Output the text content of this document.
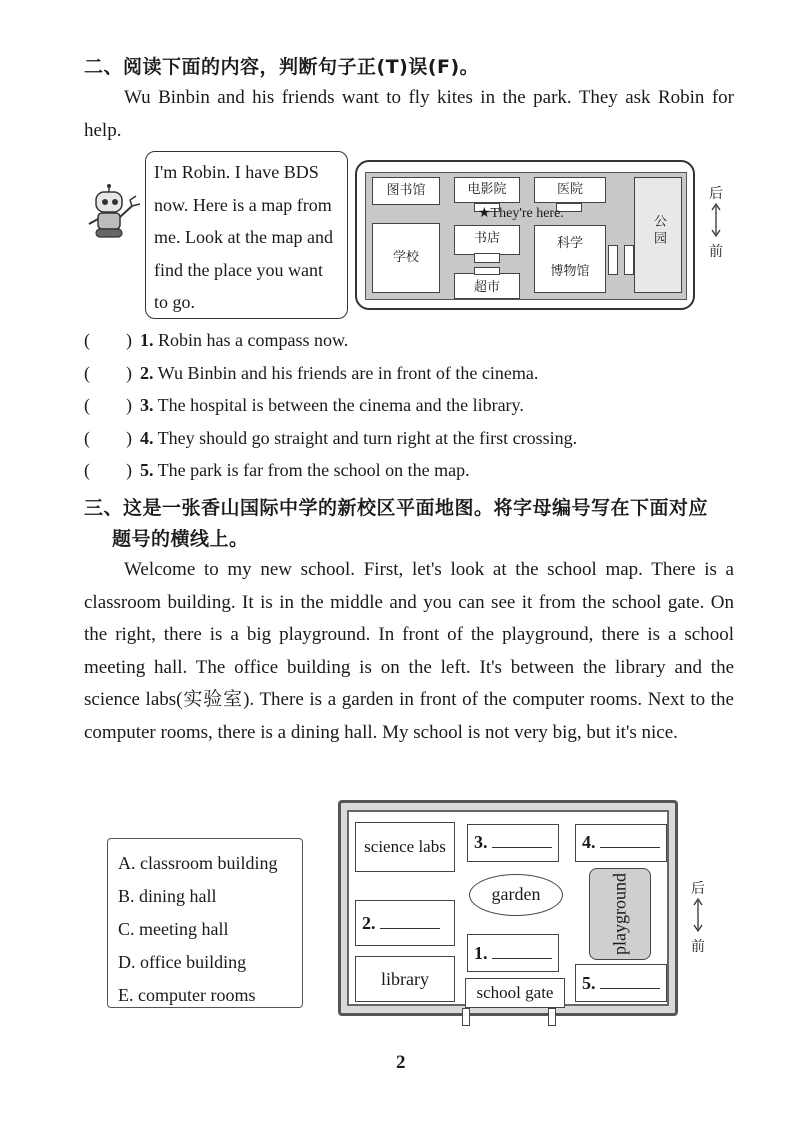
二、阅读下面的内容，判断句子正(T)误(F)。
Wu Binbin and his friends want to fly kites in the park. They ask Robin for help.
I'm Robin. I have BDS now. Here is a map from me. Look at the map and find the place you want to go.
图书馆	电影院	医院
★They're here.
学校
书店
超市
科学
博物馆
公园
后
前
(  ) 1. Robin has a compass now.
(  ) 2. Wu Binbin and his friends are in front of the cinema.
(  ) 3. The hospital is between the cinema and the library.
(  ) 4. They should go straight and turn right at the first crossing.
(  ) 5. The park is far from the school on the map.
三、这是一张香山国际中学的新校区平面地图。将字母编号写在下面对应
题号的横线上。
Welcome to my new school. First, let's look at the school map. There is a classroom building. It is in the middle and you can see it from the school gate. On the right, there is a big playground. In front of the playground, there is a school meeting hall. The office building is on the left. It's between the library and the science labs(实验室). There is a garden in front of the computer rooms. Next to the computer rooms, there is a dining hall. My school is not very big, but it's nice.
A. classroom building
B. dining hall
C. meeting hall
D. office building
E. computer rooms
science labs	3.	4.
garden	playground
2.
1.
library
school gate	5.
后
前
2
